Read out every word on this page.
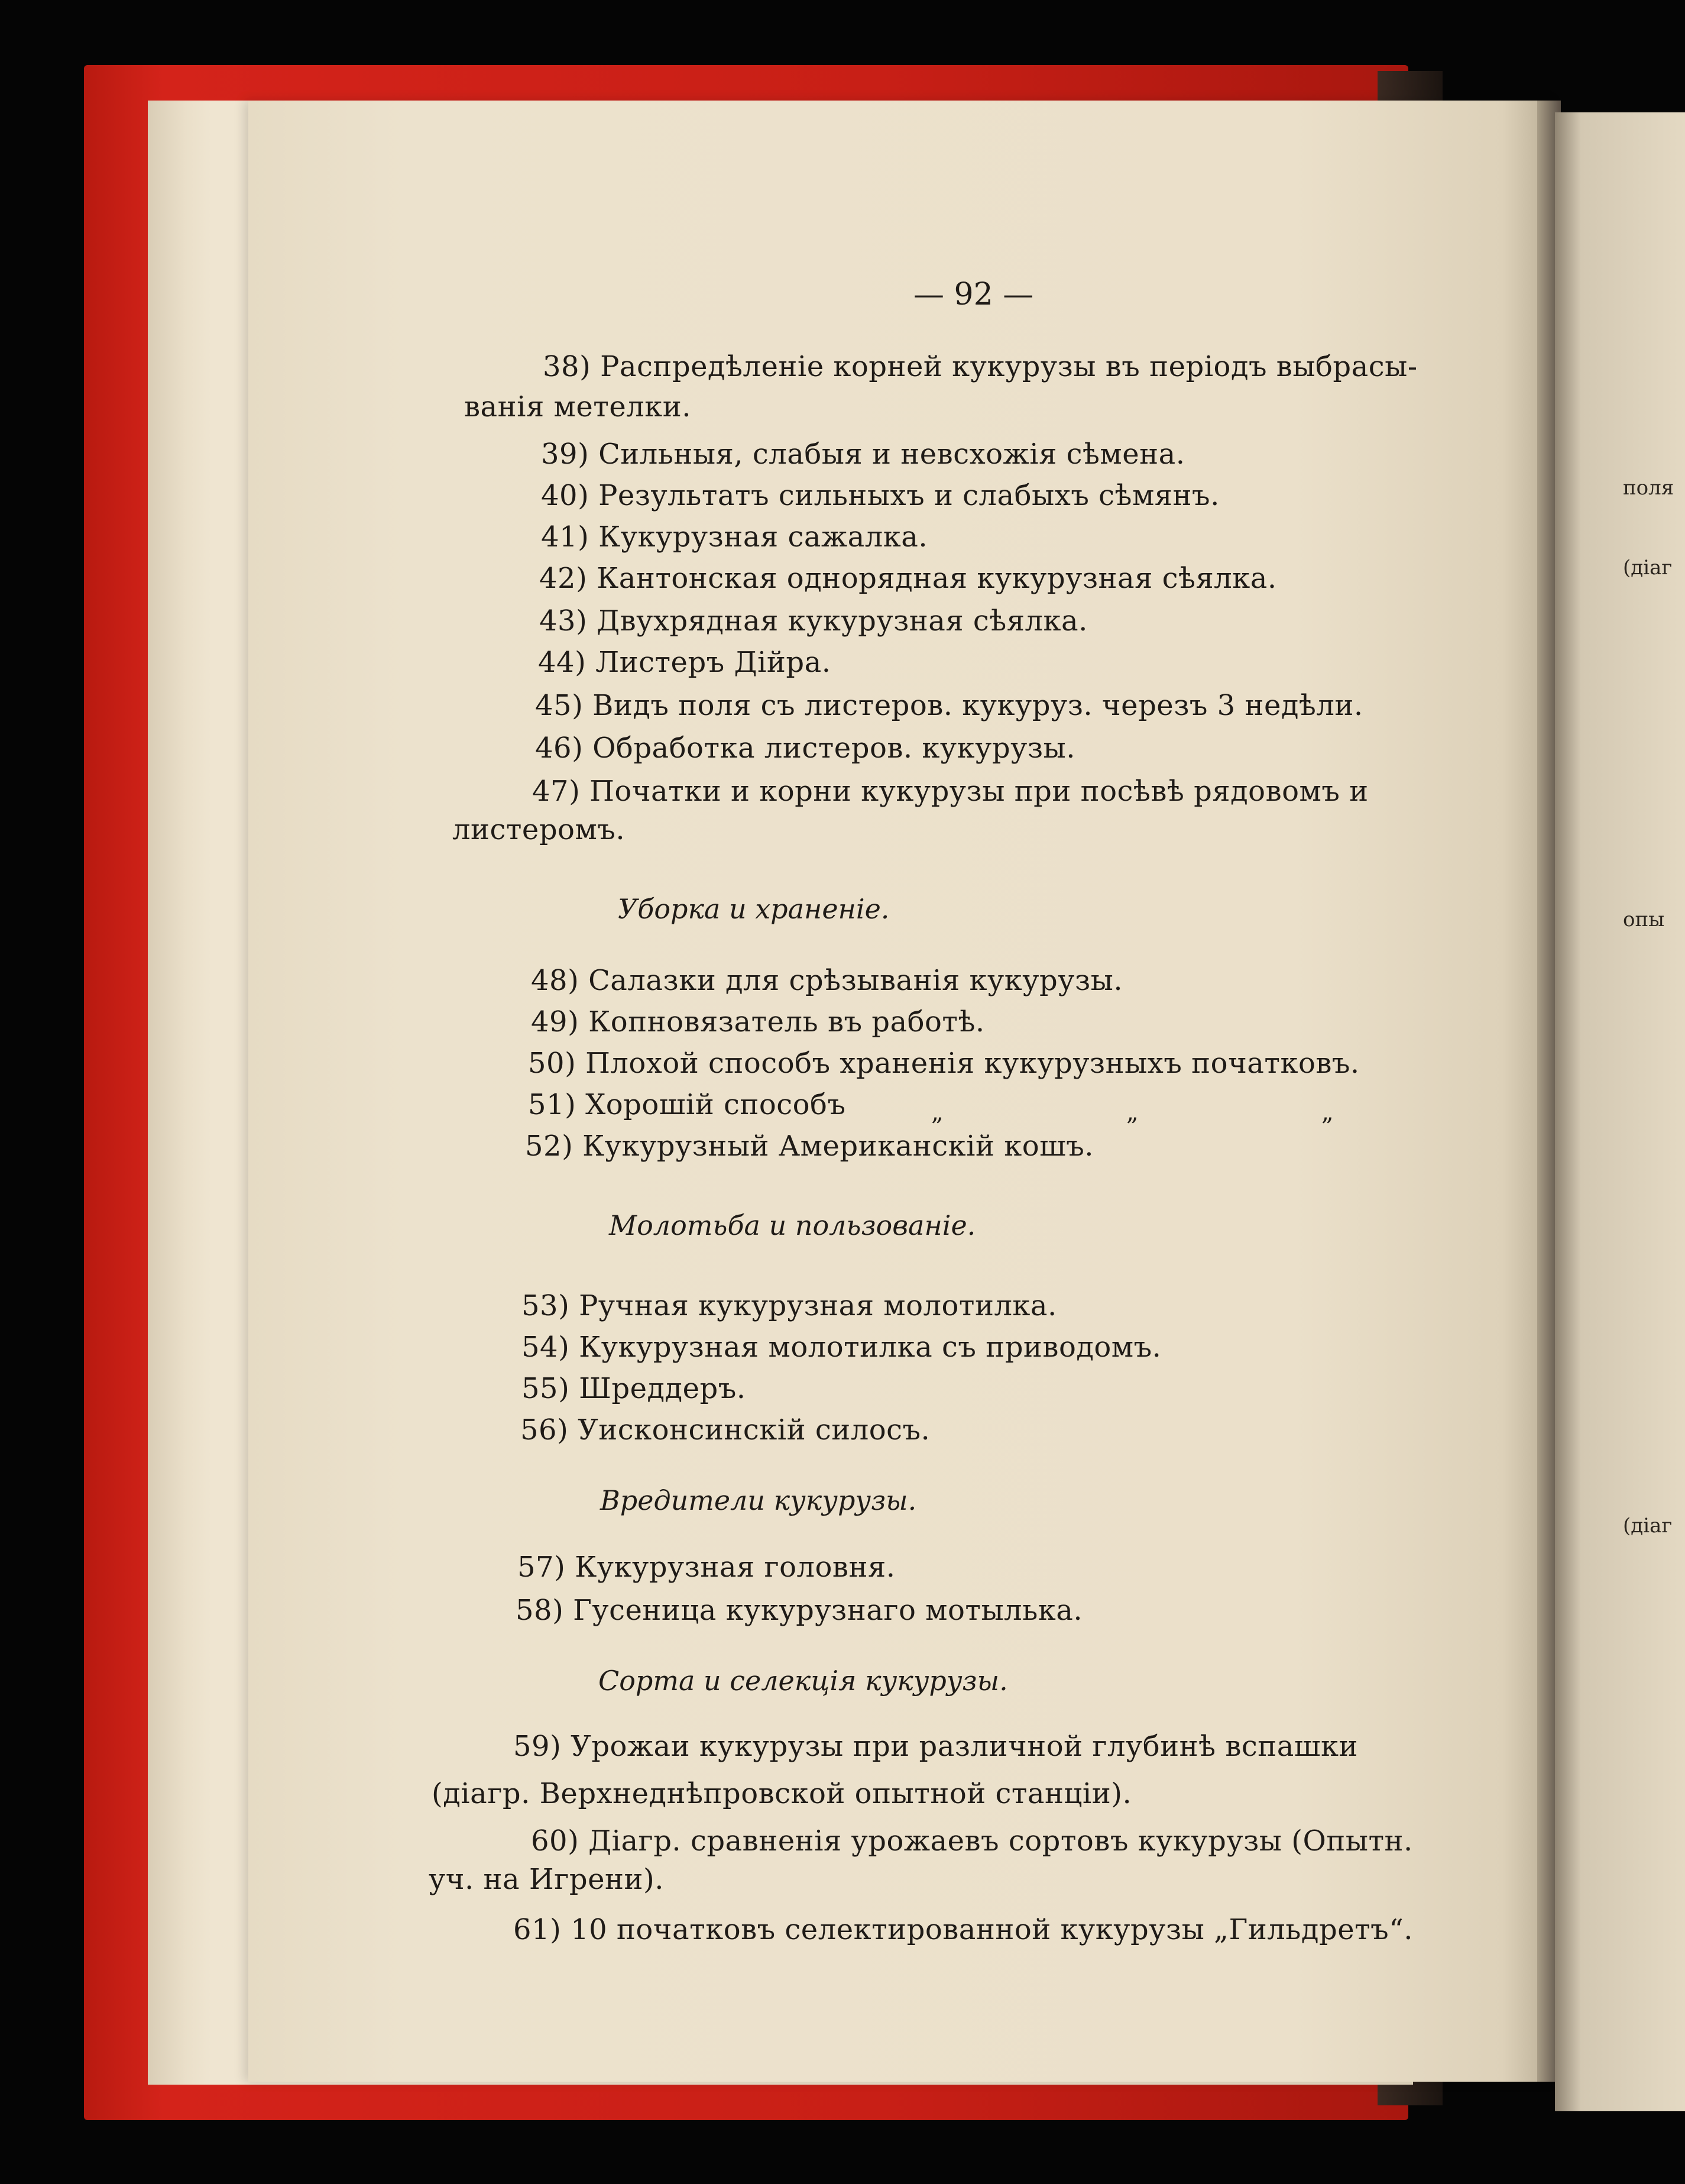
поля
(діаг
опы
(діаг
— 92 —
38) Распредѣленіе корней кукурузы въ періодъ выбрасы-
ванія метелки.
39) Сильныя, слабыя и невсхожія сѣмена.
40) Результатъ сильныхъ и слабыхъ сѣмянъ.
41) Кукурузная сажалка.
42) Кантонская однорядная кукурузная сѣялка.
43) Двухрядная кукурузная сѣялка.
44) Листеръ Дійра.
45) Видъ поля съ листеров. кукуруз. черезъ 3 недѣли.
46) Обработка листеров. кукурузы.
47) Початки и корни кукурузы при посѣвѣ рядовомъ и
листеромъ.
Уборка и храненіе.
48) Салазки для срѣзыванія кукурузы.
49) Копновязатель въ работѣ.
50) Плохой способъ храненія кукурузныхъ початковъ.
51) Хорошій способъ	„	„	„
52) Кукурузный Американскій кошъ.
Молотьба и пользованіе.
53) Ручная кукурузная молотилка.
54) Кукурузная молотилка съ приводомъ.
55) Шреддеръ.
56) Уисконсинскій силосъ.
Вредители кукурузы.
57) Кукурузная головня.
58) Гусеница кукурузнаго мотылька.
Сорта и селекція кукурузы.
59) Урожаи кукурузы при различной глубинѣ вспашки
(діагр. Верхнеднѣпровской опытной станціи).
60) Діагр. сравненія урожаевъ сортовъ кукурузы (Опытн.
уч. на Игрени).
61) 10 початковъ селектированной кукурузы „Гильдретъ“.
